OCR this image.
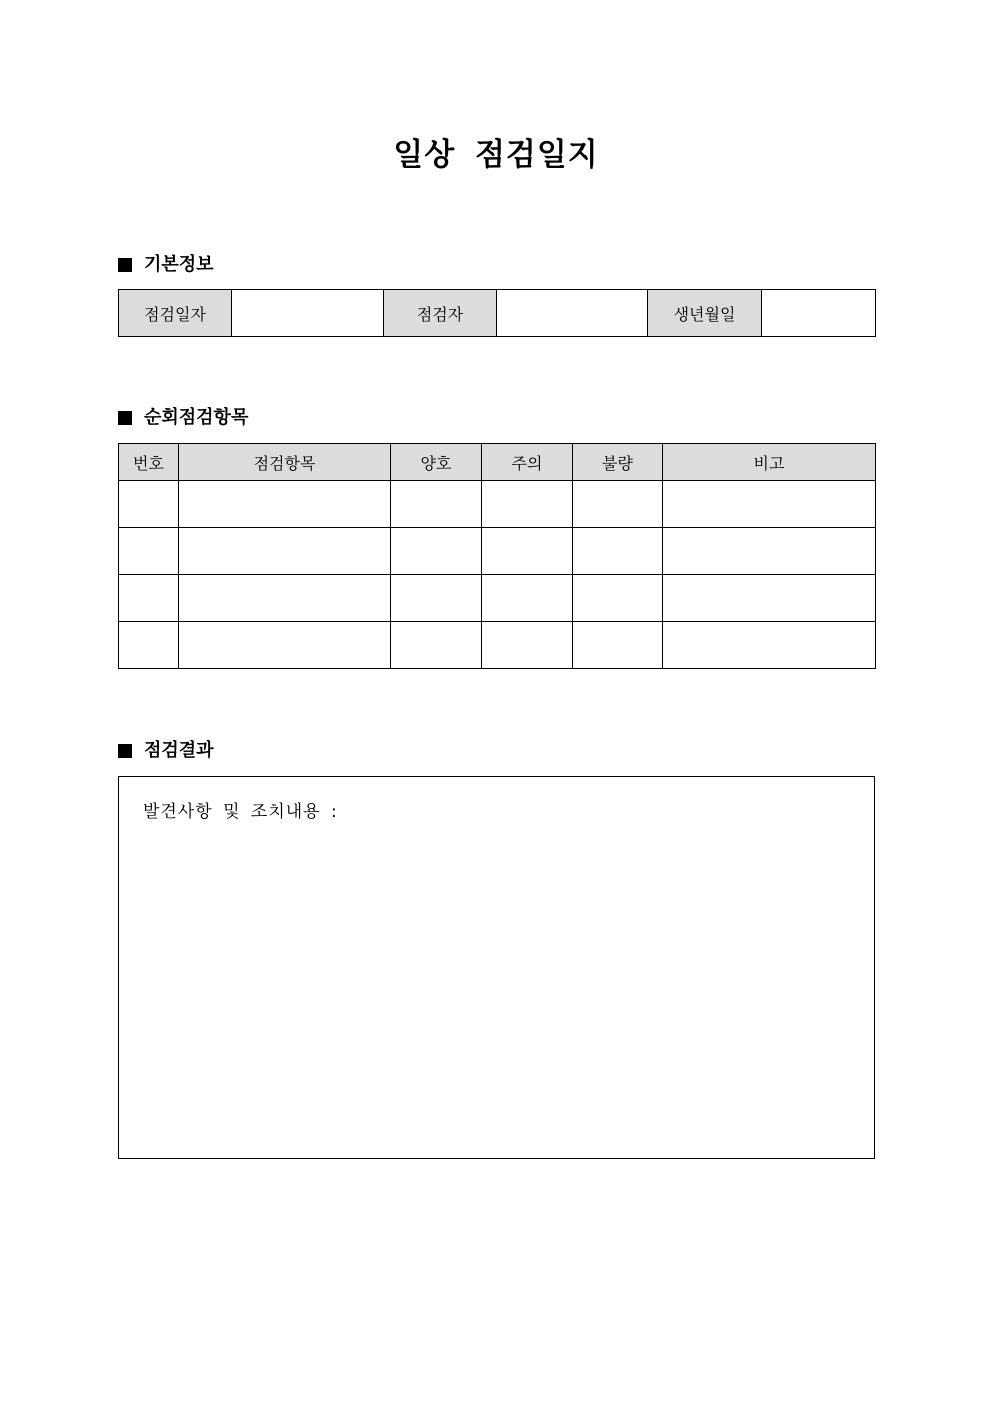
일상 점검일지
기본정보
점검일자		점검자		생년월일	
순회점검항목
번호	점검항목	양호	주의	불량	비고

점검결과
발견사항 및 조치내용 :
